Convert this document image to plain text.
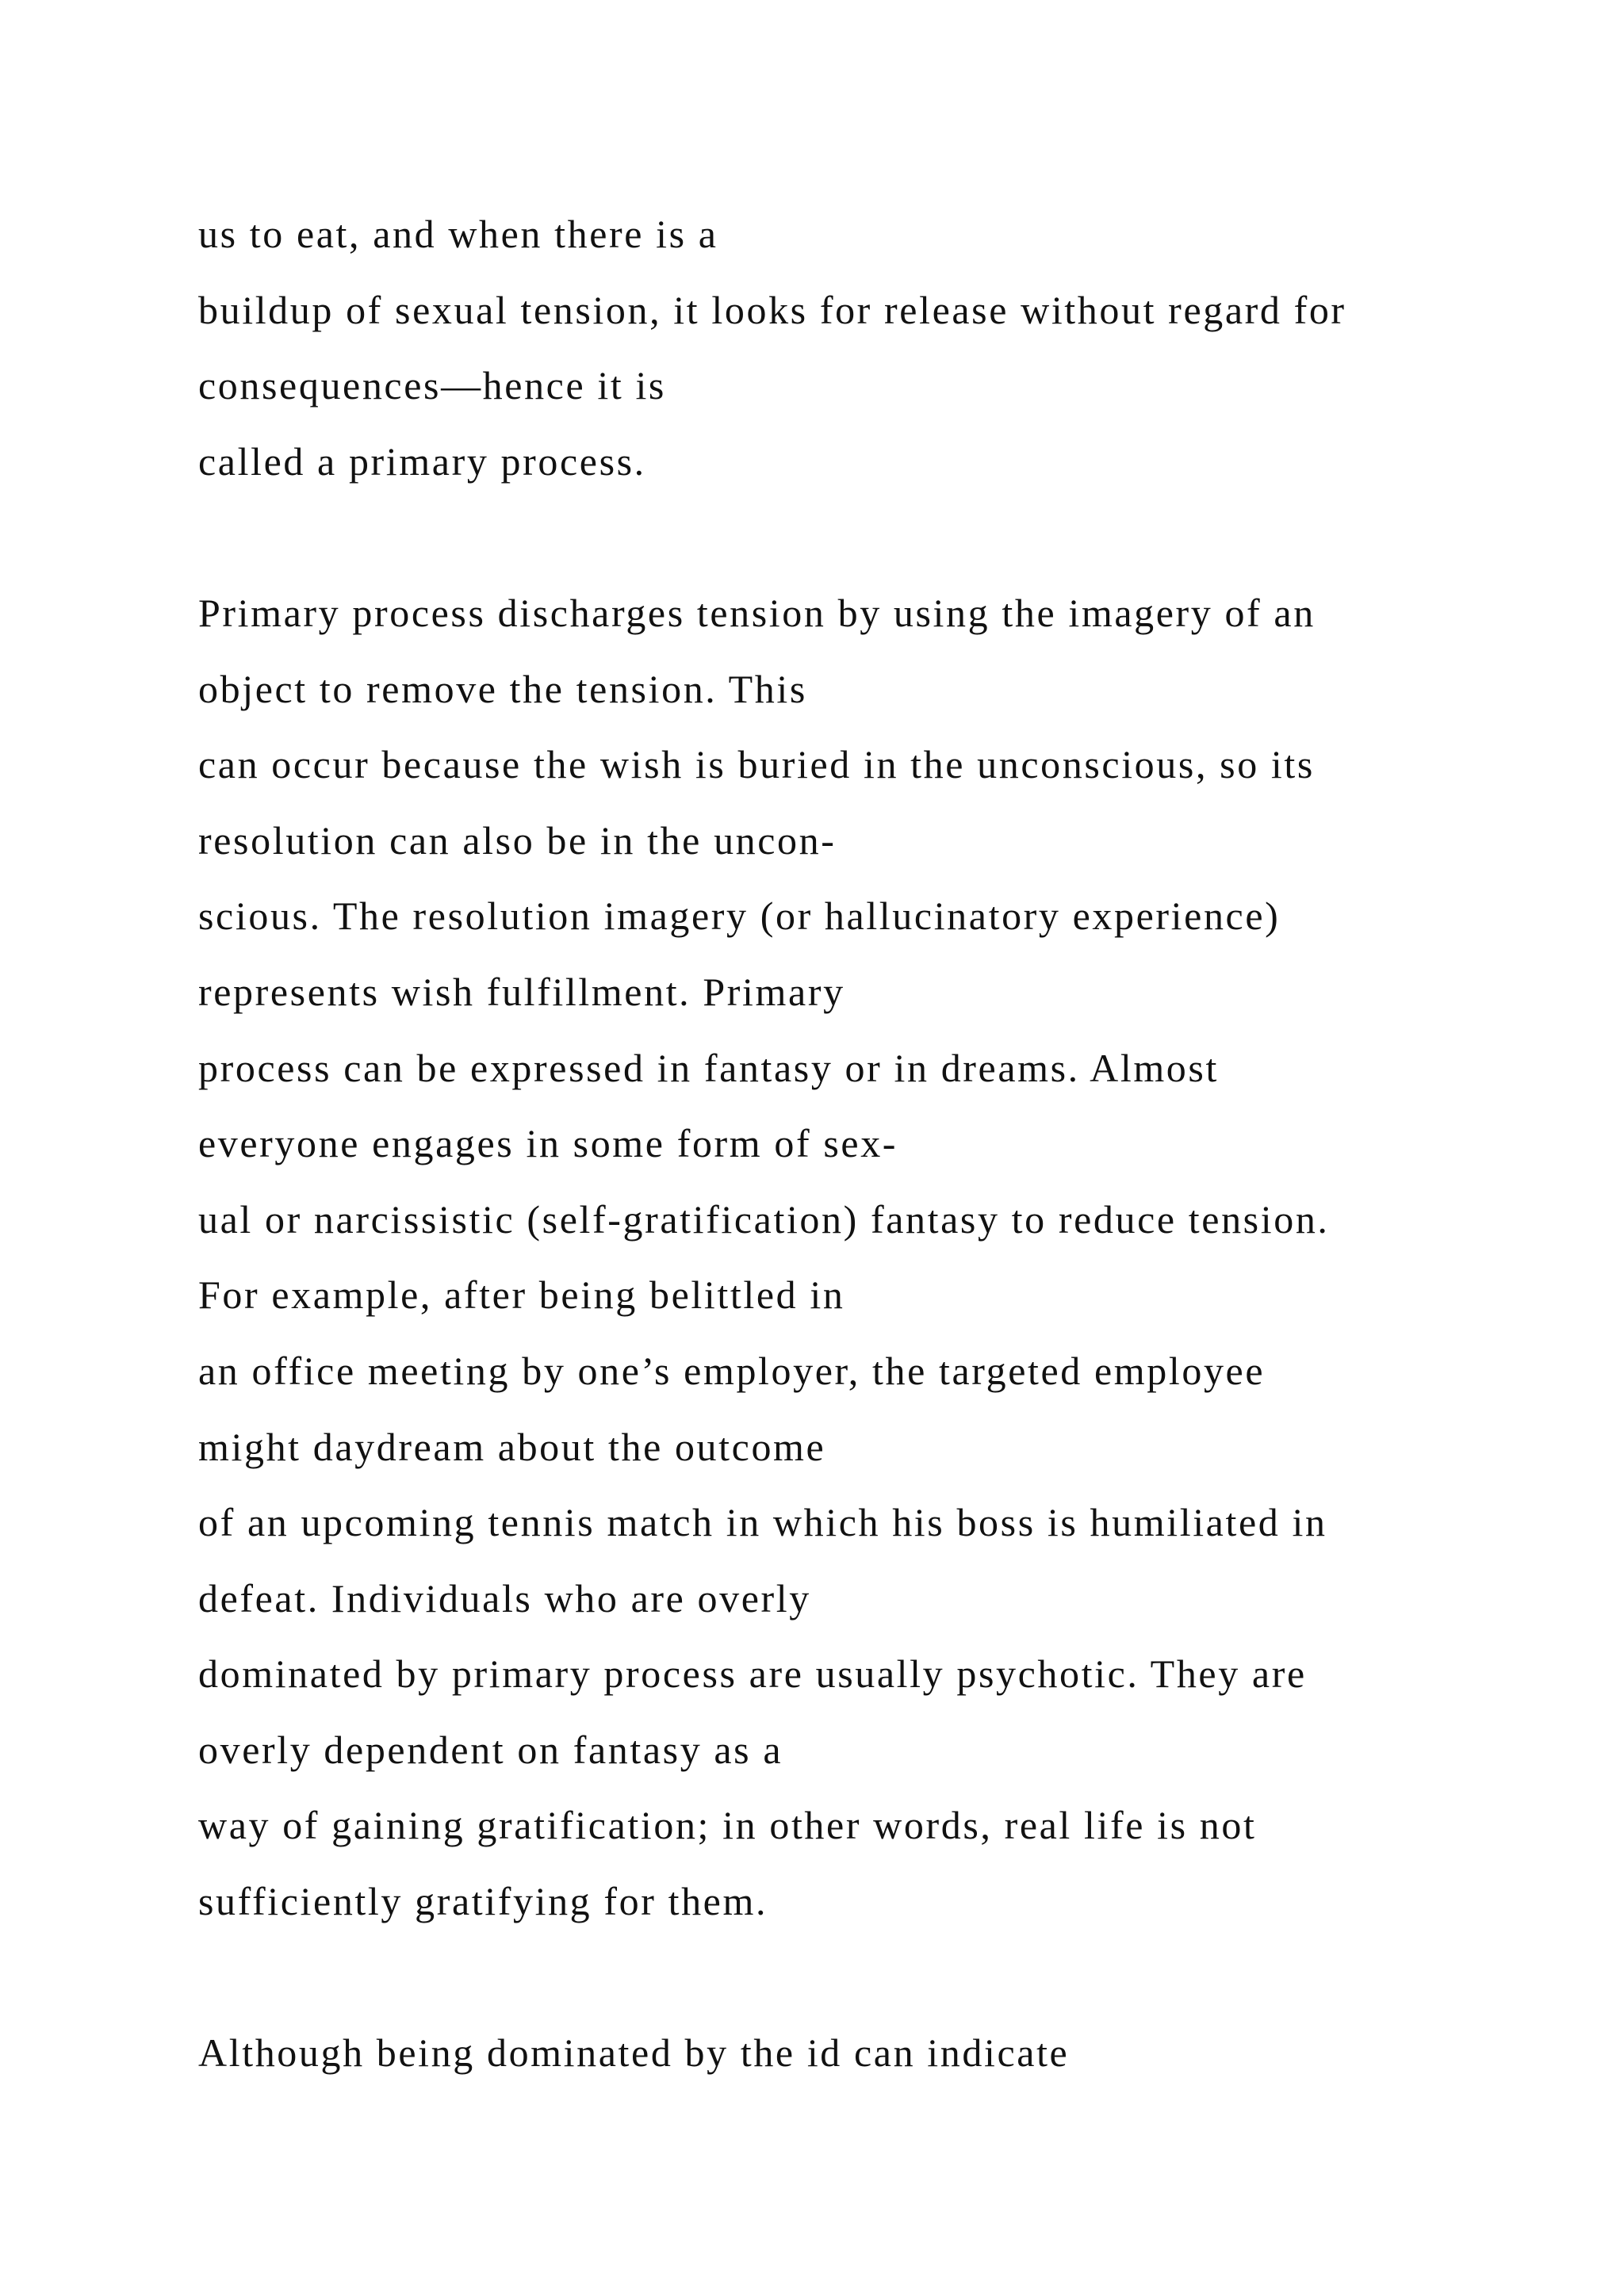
us to eat, and when there is a
buildup of sexual tension, it looks for release without regard for
consequences—hence it is
called a primary process.
Primary process discharges tension by using the imagery of an
object to remove the tension. This
can occur because the wish is buried in the unconscious, so its
resolution can also be in the uncon-
scious. The resolution imagery (or hallucinatory experience)
represents wish fulfillment. Primary
process can be expressed in fantasy or in dreams. Almost
everyone engages in some form of sex-
ual or narcissistic (self-gratification) fantasy to reduce tension.
For example, after being belittled in
an office meeting by one’s employer, the targeted employee
might daydream about the outcome
of an upcoming tennis match in which his boss is humiliated in
defeat. Individuals who are overly
dominated by primary process are usually psychotic. They are
overly dependent on fantasy as a
way of gaining gratification; in other words, real life is not
sufficiently gratifying for them.
Although being dominated by the id can indicate
